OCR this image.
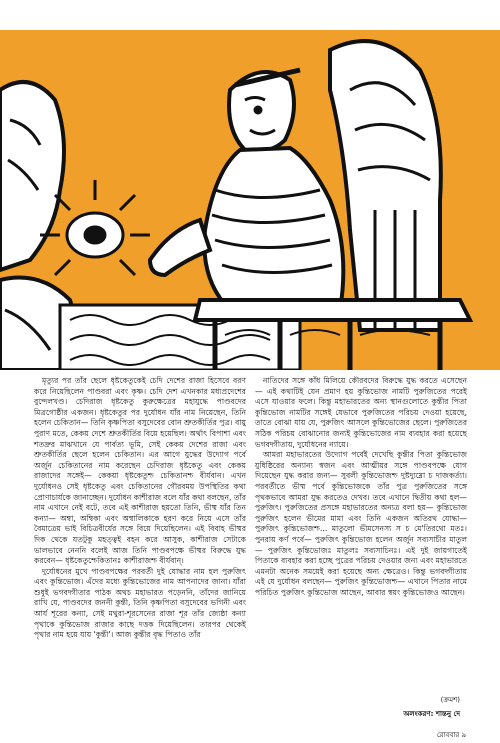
মৃত্যুর পর তাঁর ছেলে ধৃষ্টকেতুকেই চেদি দেশের রাজা হিসেবে বরণ করে নিয়েছিলেন পাণ্ডবরা এবং কৃষ্ণ। চেদি দেশ এখনকার মধ্যপ্রদেশের বুন্দেলখণ্ড। চেদিরাজ ধৃষ্টকেতু কুরুক্ষেত্রের মহাযুদ্ধে পাণ্ডবদের মিত্রগোষ্ঠীর একজন। ধৃষ্টকেতুর পর দুর্যোধন যাঁর নাম নিয়েছেন, তিনি হলেন চেকিতান— তিনি কৃষ্ণপিতা বসুদেবের বোন শ্রুতকীর্তির পুত্র। বায়ু পুরাণ মতে, কেকয় দেশে শ্রুতকীর্তির বিয়ে হয়েছিল। অর্থাৎ বিপাশা এবং শতদ্রুর মাঝখানে যে পার্বত্য ভূমি, সেই কেকয় দেশের রাজা এবং শ্রুতকীর্তির ছেলে হলেন চেকিতান। এর আগে যুদ্ধের উদ্যোগ পর্বে অর্জুন চেকিতানের নাম করেছেন চেদিরাজ ধৃষ্টকেতু এবং কেকয় রাজাদের সঙ্গেই— কেকয়া ধৃষ্টকেতুশ্চ চেকিতানশ্চ বীর্যবান। এখন দুর্যোধনও সেই ধৃষ্টকেতু এবং চেকিতানের গৌরবময় উপস্থিতির কথা প্রোণাচার্যকে জানাচ্ছেন। দুর্যোধন কাশীরাজ বলে যাঁর কথা বলছেন, তাঁর নাম এখানে নেই বটে, তবে এই কাশীরাজ হয়তো তিনি, ভীষ্ম যাঁর তিন কন্যা— অম্বা, অম্বিকা এবং অম্বালিকাকে হরণ করে নিয়ে এসে তাঁর বৈমাত্রেয় ভাই বিচিত্রবীর্যের সঙ্গে বিয়ে দিয়েছিলেন। এই বিবাহ ভীষ্মর দিক থেকে যতটুকু মহত্ত্বই বহন করে আসুক, কাশীরাজ সেটাকে ভালভাবে নেননি বলেই আজ তিনি পাণ্ডবপক্ষে ভীষ্মর বিরুদ্ধে যুদ্ধ করবেন— ধৃষ্টকেতুশ্চেকিতানঃ কাশীরাজশ্চ বীর্যবান্।

দুর্যোধনের মুখে পাণ্ডবপক্ষের পরবর্তী দুই যোদ্ধার নাম হল পুরুজিৎ এবং কুন্তিভোজ। এঁদের মধ্যে কুন্তিভোজের নাম আপনাদের জানা। যাঁরা শুধুই ভগবদ্গীতার পাঠক অথচ মহাভারত পড়েননি, তাঁদের জানিয়ে রাখি যে, পাণ্ডবদের জননী কুন্তী, তিনি কৃষ্ণপিতা বসুদেবের ভগিনী এবং আর্য শূরের কন্যা, সেই মথুরা-শূরসেনের রাজা শূর তাঁর জ্যেষ্ঠা কন্যা পৃথাকে কুন্তিভোজ রাজার কাছে দত্তক দিয়েছিলেন। তারপর থেকেই পৃথার নাম হয়ে যায় 'কুন্তী'। আজ কুন্তীর বৃদ্ধ পিতাও তাঁর

নাতিদের সঙ্গে কাঁধ মিলিয়ে কৌরবদের বিরুদ্ধে যুদ্ধ করতে এসেছেন— এই কথাটিই যেন প্রমাণ হয় কুন্তিভোজ নামটি পুরুজিতের পরেই এসে যাওয়ার ফলে। কিন্তু মহাভারতের অন্য স্থানগুলোতে কুন্তীর পিতা কুন্তিভোজ নামটির সঙ্গেই যেভাবে পুরুজিতের পরিচয় দেওয়া হয়েছে, তাতে বোঝা যায় যে, পুরুজিৎ আসলে কুন্তিভোজের ছেলে। পুরুজিতের সঠিক পরিচয় বোঝানোর জন্যই কুন্তিভোজের নাম ব্যবহার করা হয়েছে ভগবদ্গীতায়, দুর্যোধনের ন্যায়ে।

আমরা মহাভারতের উদ্যোগ পর্বেই দেখেছি কুন্তীর পিতা কুন্তিভোজ যুধিষ্ঠিরের অন্যান্য স্বজন এবং আত্মীয়র সঙ্গে পাণ্ডবপক্ষে যোগ দিয়েছেন যুদ্ধ করার জন্য— সুবলী কুন্তিভোজশ্চ দুষ্টদ্যুম্নো চ দাজকর্ত্যা। পরবর্তীতে ভীষ্ম পর্বে কুন্তিভোজকে তাঁর পুত্র পুরুজিতের সঙ্গে পৃথকভাবে আমরা যুদ্ধ করতেও দেখব। তবে এখানে দ্বিতীয় কথা হল— পুরুজিৎ। পুরুজিতের প্রসঙ্গে মহাভারতের অন্যত্র বলা হয়— কুন্তিভোজ পুরুজিৎ হলেন ভীমের মামা এবং তিনি একজন অতিরথ যোদ্ধা— পুরুজিৎ কুন্তিভোজশ্চ... মাতুলো ভীমসেনস্য স চ মে'তিরথো মতঃ। পুনরায় কর্ণ পর্বে— পুরুজিৎ কুন্তিভোজ হলেন অর্জুন সব্যসাচীর মাতুল— পুরুজিৎ কুন্তিভোজঃ মাতুলঃ সব্যসাচিনঃ। এই দুই জায়গাতেই পিতাকে ব্যবহার করা হচ্ছে পুত্রের পরিচয় দেওয়ার জন্য এবং মহাভারতে এমনটা অনেক সময়েই করা হয়েছে অন্য ক্ষেত্রেও। কিন্তু ভগবদ্গীতায় এই যে দুর্যোধন বলছেন— পুরুজিৎ কুন্তিভোজশ্চ— এখানে পিতার নামে পরিচিত পুরুজিৎ কুন্তিভোজ আছেন, আবার স্বয়ং কুন্তিভোজও আছেন।

(ক্রমশ)
অলংকরণ: শান্তনু দে
রোববার ৯
